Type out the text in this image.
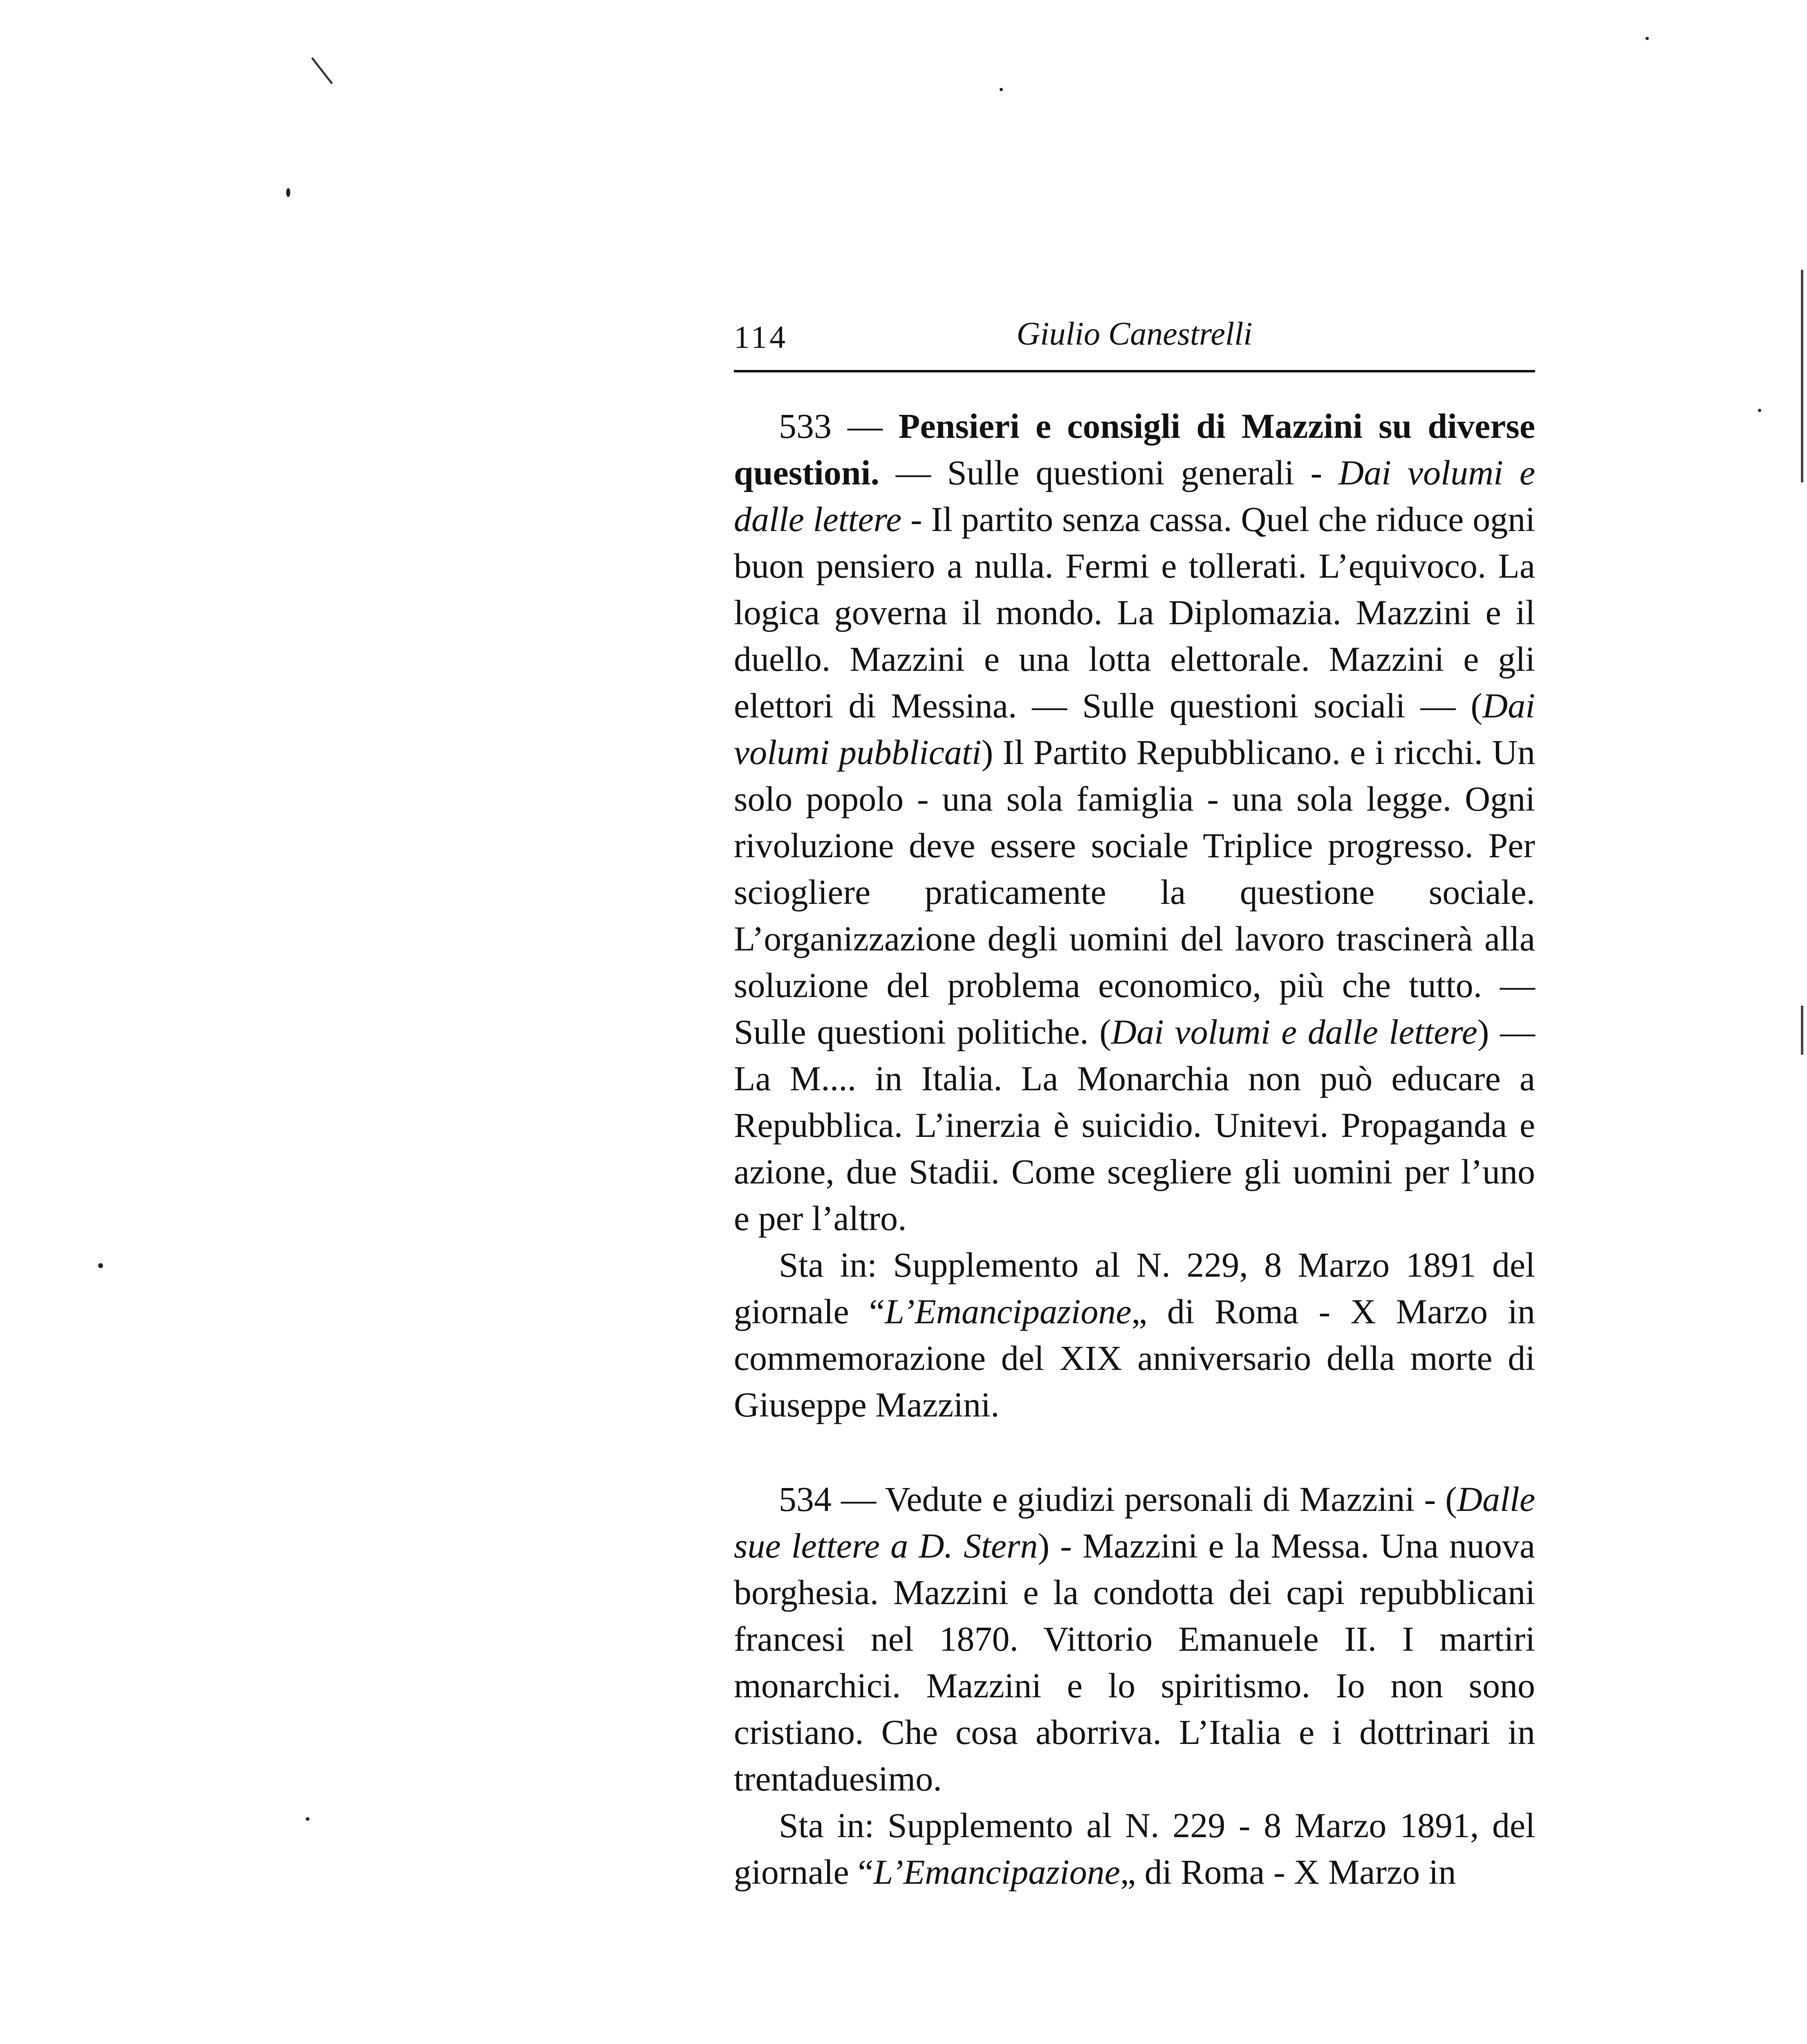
114	Giulio Canestrelli

533 — Pensieri e consigli di Mazzini su diverse questioni. — Sulle questioni generali - Dai volumi e dalle lettere - Il partito senza cassa. Quel che riduce ogni buon pensiero a nulla. Fermi e tollerati. L’equivoco. La logica governa il mondo. La Diplomazia. Mazzini e il duello. Mazzini e una lotta elettorale. Mazzini e gli elettori di Messina. — Sulle questioni sociali — (Dai volumi pubblicati) Il Partito Repubblicano. e i ricchi. Un solo popolo - una sola famiglia - una sola legge. Ogni rivoluzione deve essere sociale Triplice progresso. Per sciogliere praticamente la questione sociale. L’organizzazione degli uomini del lavoro trascinerà alla soluzione del problema economico, più che tutto. — Sulle questioni politiche. (Dai volumi e dalle lettere) — La M.... in Italia. La Monarchia non può educare a Repubblica. L’inerzia è suicidio. Unitevi. Propaganda e azione, due Stadii. Come scegliere gli uomini per l’uno e per l’altro.

Sta in: Supplemento al N. 229, 8 Marzo 1891 del giornale “L’Emancipazione„ di Roma - X Marzo in commemorazione del XIX anniversario della morte di Giuseppe Mazzini.

534 — Vedute e giudizi personali di Mazzini - (Dalle sue lettere a D. Stern) - Mazzini e la Messa. Una nuova borghesia. Mazzini e la condotta dei capi repubblicani francesi nel 1870. Vittorio Emanuele II. I martiri monarchici. Mazzini e lo spiritismo. Io non sono cristiano. Che cosa aborriva. L’Italia e i dottrinari in trentaduesimo.

Sta in: Supplemento al N. 229 - 8 Marzo 1891, del giornale “L’Emancipazione„ di Roma - X Marzo in
